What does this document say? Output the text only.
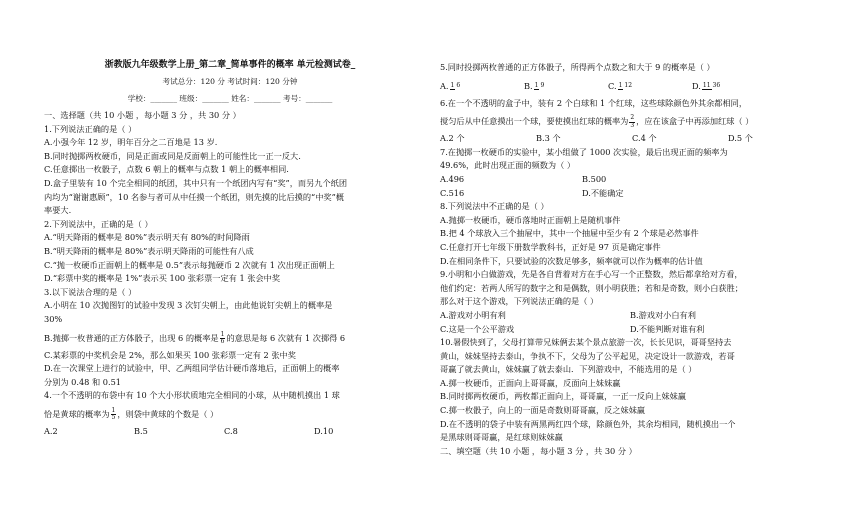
浙教版九年级数学上册_第二章_简单事件的概率 单元检测试卷_
考试总分：120 分 考试时间：120 分钟
学校：_______ 班级：_______ 姓名：_______ 考号：_______
一、选择题（共 10 小题 ，每小题 3 分 ，共 30 分 ）
1.下列说法正确的是（ ）
A.小强今年 12 岁，明年百分之二百地是 13 岁.
B.同时抛掷两枚硬币，同是正面或同是反面朝上的可能性比一正一反大.
C.任意掷出一枚骰子，点数 6 朝上的概率与点数 1 朝上的概率相同.
D.盒子里装有 10 个完全相同的纸团，其中只有一个纸团内写有“奖”，而另九个纸团
内均为“谢谢惠顾”，10 名参与者可从中任摸一个纸团，则先摸的比后摸的“中奖”概
率要大.
2.下列说法中，正确的是（ ）
A.“明天降雨的概率是 80%”表示明天有 80%的时间降雨
B.“明天降雨的概率是 80%”表示明天降雨的可能性有八成
C.“抛一枚硬币正面朝上的概率是 0.5”表示每抛硬币 2 次就有 1 次出现正面朝上
D.“彩票中奖的概率是 1%”表示买 100 张彩票一定有 1 张会中奖
3.以下说法合理的是（ ）
A.小明在 10 次抛图钉的试验中发现 3 次钉尖朝上，由此他说钉尖朝上的概率是
30%
B.抛掷一枚普通的正方体骰子，出现 6 的概率是 $\frac{1}{6}$ 的意思是每 6 次就有 1 次掷得 6
C.某彩票的中奖机会是 2%，那么如果买 100 张彩票一定有 2 张中奖
D.在一次课堂上进行的试验中，甲、乙两组同学估计硬币落地后，正面朝上的概率
分别为 0.48 和 0.51
4.一个不透明的布袋中有 10 个大小形状质地完全相同的小球，从中随机摸出 1 球
恰是黄球的概率为 $\frac{1}{5}$ ，则袋中黄球的个数是（ ）
A.2	B.5	C.8	D.10
5.同时投掷两枚普通的正方体骰子，所得两个点数之和大于 9 的概率是（ ）
A. 1 6	B. 1 9	C. 1 12	D. 11 36
6.在一个不透明的盒子中，装有 2 个白球和 1 个红球，这些球除颜色外其余都相同，
搅匀后从中任意摸出一个球，要使摸出红球的概率为 $\frac{2}{3}$ ，应在该盒子中再添加红球（ ）
A.2 个	B.3 个	C.4 个	D.5 个
7.在抛掷一枚硬币的实验中，某小组做了 1000 次实验，最后出现正面的频率为
49.6%，此时出现正面的频数为（ ）
A.496	B.500
C.516	D.不能确定
8.下列说法中不正确的是（ ）
A.抛掷一枚硬币，硬币落地时正面朝上是随机事件
B.把 4 个球放入三个抽屉中，其中一个抽屉中至少有 2 个球是必然事件
C.任意打开七年级下册数学教科书，正好是 97 页是确定事件
D.在相同条件下，只要试验的次数足够多，频率就可以作为概率的估计值
9.小明和小白做游戏，先是各自背着对方在手心写一个正整数，然后都拿给对方看，
他们约定：若两人所写的数字之和是偶数，则小明获胜；若和是奇数，则小白获胜；
那么对于这个游戏，下列说法正确的是（ ）
A.游戏对小明有利	B.游戏对小白有利
C.这是一个公平游戏	D.不能判断对谁有利
10.暑假快到了，父母打算带兄妹俩去某个景点旅游一次，长长见识，哥哥坚持去
黄山，妹妹坚持去泰山，争执不下，父母为了公平起见，决定设计一款游戏，若哥
哥赢了就去黄山，妹妹赢了就去泰山．下列游戏中，不能选用的是（ ）
A.掷一枚硬币，正面向上哥哥赢，反面向上妹妹赢
B.同时掷两枚硬币，两枚都正面向上，哥哥赢，一正一反向上妹妹赢
C.掷一枚骰子，向上的一面是奇数则哥哥赢，反之妹妹赢
D.在不透明的袋子中装有两黑两红四个球，除颜色外，其余均相同，随机摸出一个
是黑球则哥哥赢，是红球则妹妹赢
二、填空题（共 10 小题 ，每小题 3 分 ，共 30 分 ）
